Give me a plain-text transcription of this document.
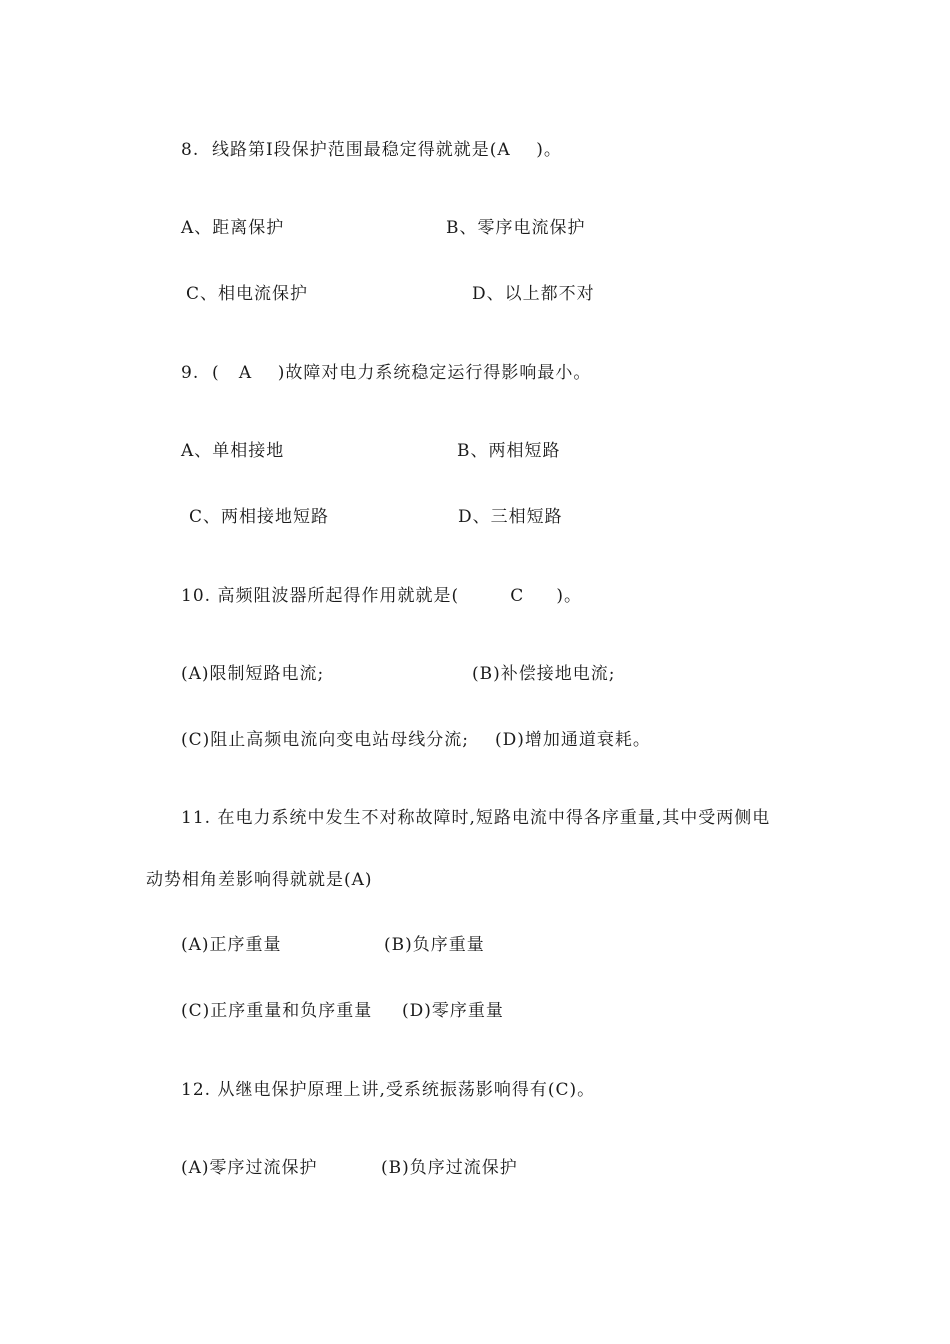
8.  线路第Ⅰ段保护范围最稳定得就就是(A    )。
A、距离保护	B、零序电流保护
C、相电流保护	D、以上都不对
9.  (   A    )故障对电力系统稳定运行得影响最小。
A、单相接地	B、两相短路
C、两相接地短路	D、三相短路
10. 高频阻波器所起得作用就就是(        C     )。
(A)限制短路电流;	(B)补偿接地电流;
(C)阻止高频电流向变电站母线分流; (D)增加通道衰耗。
11. 在电力系统中发生不对称故障时,短路电流中得各序重量,其中受两侧电
动势相角差影响得就就是(A)
(A)正序重量	(B)负序重量
(C)正序重量和负序重量 (D)零序重量
12. 从继电保护原理上讲,受系统振荡影响得有(C)。
(A)零序过流保护	(B)负序过流保护
